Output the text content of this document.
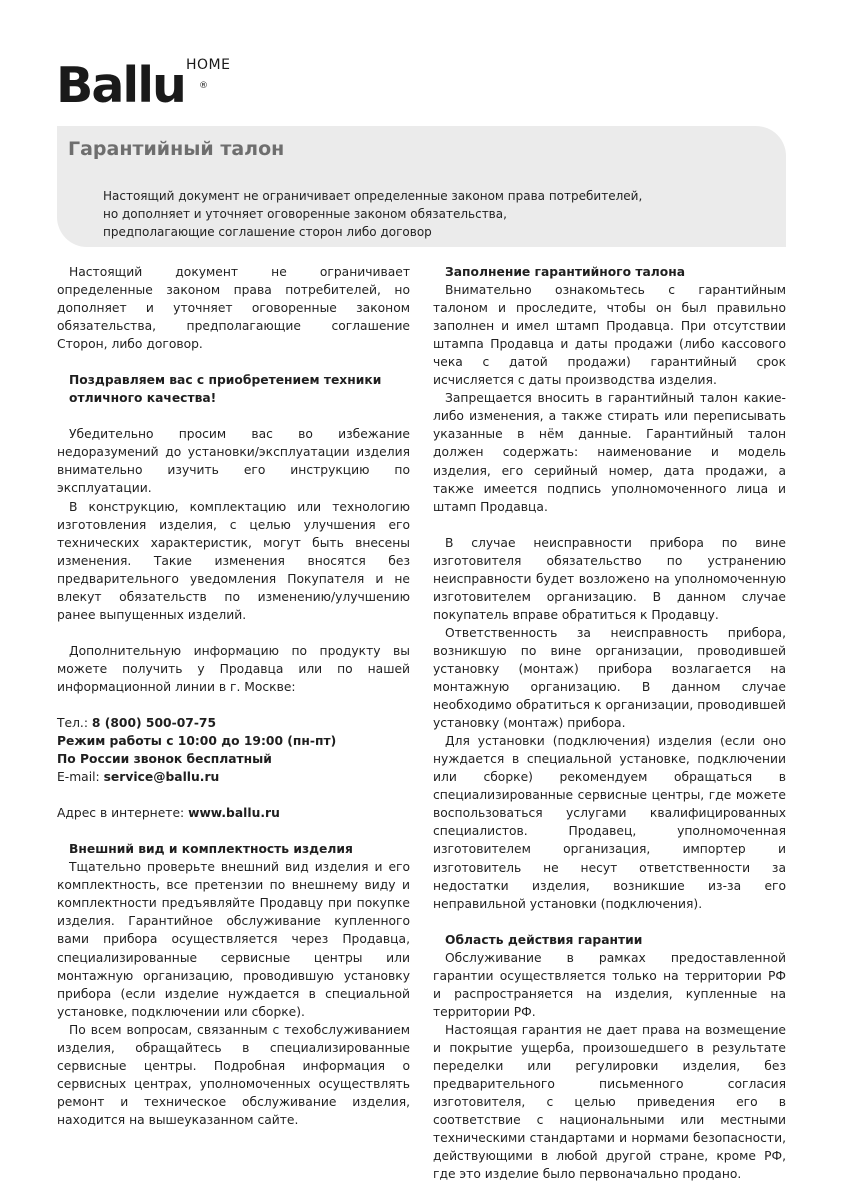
Ballu HOME
®
Гарантийный талон
Настоящий документ не ограничивает определенные законом права потребителей,
но дополняет и уточняет оговоренные законом обязательства,
предполагающие соглашение сторон либо договор

Настоящий документ не ограничивает определенные законом права потребителей, но дополняет и уточняет оговоренные законом обязательства, предполагающие соглашение Сторон, либо договор.

Поздравляем вас с приобретением техники отличного качества!

Убедительно просим вас во избежание недоразумений до установки/эксплуатации изделия внимательно изучить его инструкцию по эксплуатации.

В конструкцию, комплектацию или технологию изготовления изделия, с целью улучшения его технических характеристик, могут быть внесены изменения. Такие изменения вносятся без предварительного уведомления Покупателя и не влекут обязательств по изменению/улучшению ранее выпущенных изделий.

Дополнительную информацию по продукту вы можете получить у Продавца или по нашей информационной линии в г. Москве:

Тел.: 8 (800) 500-07-75

Режим работы с 10:00 до 19:00 (пн-пт)

По России звонок бесплатный

E-mail: service@ballu.ru

Адрес в интернете: www.ballu.ru

Внешний вид и комплектность изделия

Тщательно проверьте внешний вид изделия и его комплектность, все претензии по внешнему виду и комплектности предъявляйте Продавцу при покупке изделия. Гарантийное обслуживание купленного вами прибора осуществляется через Продавца, специализированные сервисные центры или монтажную организацию, проводившую установку прибора (если изделие нуждается в специальной установке, подключении или сборке).

По всем вопросам, связанным с техобслуживанием изделия, обращайтесь в специализированные сервисные центры. Подробная информация о сервисных центрах, уполномоченных осуществлять ремонт и техническое обслуживание изделия, находится на вышеуказанном сайте.

Заполнение гарантийного талона

Внимательно ознакомьтесь с гарантийным талоном и проследите, чтобы он был правильно заполнен и имел штамп Продавца. При отсутствии штампа Продавца и даты продажи (либо кассового чека с датой продажи) гарантийный срок исчисляется с даты производства изделия.

Запрещается вносить в гарантийный талон какие-либо изменения, а также стирать или переписывать указанные в нём данные. Гарантийный талон должен содержать: наименование и модель изделия, его серийный номер, дата продажи, а также имеется подпись уполномоченного лица и штамп Продавца.

В случае неисправности прибора по вине изготовителя обязательство по устранению неисправности будет возложено на уполномоченную изготовителем организацию. В данном случае покупатель вправе обратиться к Продавцу.

Ответственность за неисправность прибора, возникшую по вине организации, проводившей установку (монтаж) прибора возлагается на монтажную организацию. В данном случае необходимо обратиться к организации, проводившей установку (монтаж) прибора.

Для установки (подключения) изделия (если оно нуждается в специальной установке, подключении или сборке) рекомендуем обращаться в специализированные сервисные центры, где можете воспользоваться услугами квалифицированных специалистов. Продавец, уполномоченная изготовителем организация, импортер и изготовитель не несут ответственности за недостатки изделия, возникшие из-за его неправильной установки (подключения).

Область действия гарантии

Обслуживание в рамках предоставленной гарантии осуществляется только на территории РФ и распространяется на изделия, купленные на территории РФ.

Настоящая гарантия не дает права на возмещение и покрытие ущерба, произошедшего в результате переделки или регулировки изделия, без предварительного письменного согласия изготовителя, с целью приведения его в соответствие с национальными или местными техническими стандартами и нормами безопасности, действующими в любой другой стране, кроме РФ, где это изделие было первоначально продано.
